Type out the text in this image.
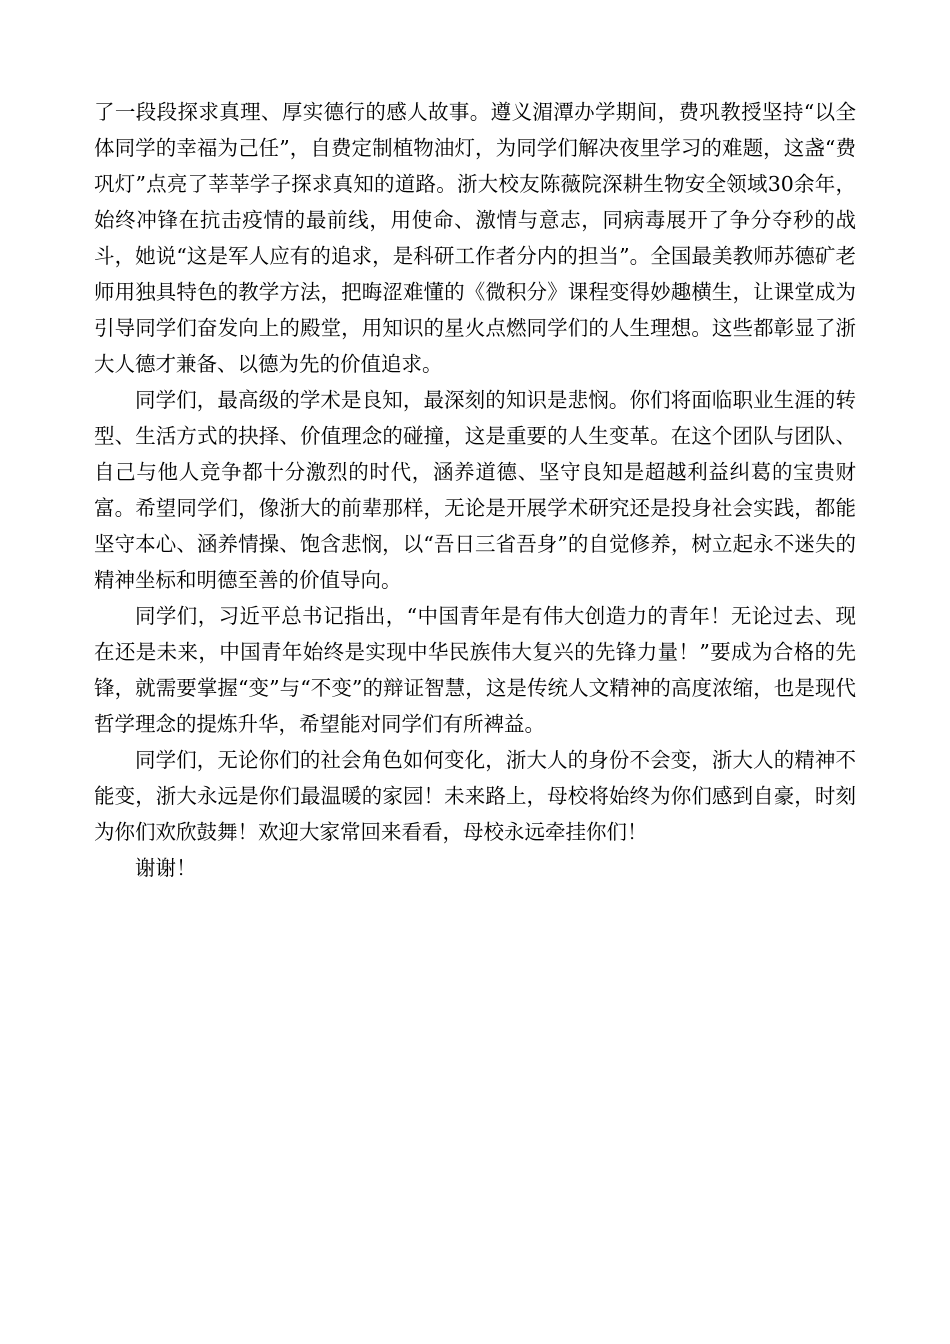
了一段段探求真理、厚实德行的感人故事。遵义湄潭办学期间，费巩教授坚持“以全体同学的幸福为己任”，自费定制植物油灯，为同学们解决夜里学习的难题，这盏“费巩灯”点亮了莘莘学子探求真知的道路。浙大校友陈薇院深耕生物安全领域30余年，始终冲锋在抗击疫情的最前线，用使命、激情与意志，同病毒展开了争分夺秒的战斗，她说“这是军人应有的追求，是科研工作者分内的担当”。全国最美教师苏德矿老师用独具特色的教学方法，把晦涩难懂的《微积分》课程变得妙趣横生，让课堂成为引导同学们奋发向上的殿堂，用知识的星火点燃同学们的人生理想。这些都彰显了浙大人德才兼备、以德为先的价值追求。

同学们，最高级的学术是良知，最深刻的知识是悲悯。你们将面临职业生涯的转型、生活方式的抉择、价值理念的碰撞，这是重要的人生变革。在这个团队与团队、自己与他人竞争都十分激烈的时代，涵养道德、坚守良知是超越利益纠葛的宝贵财富。希望同学们，像浙大的前辈那样，无论是开展学术研究还是投身社会实践，都能坚守本心、涵养情操、饱含悲悯，以“吾日三省吾身”的自觉修养，树立起永不迷失的精神坐标和明德至善的价值导向。

同学们，习近平总书记指出，“中国青年是有伟大创造力的青年！无论过去、现在还是未来，中国青年始终是实现中华民族伟大复兴的先锋力量！”要成为合格的先锋，就需要掌握“变”与“不变”的辩证智慧，这是传统人文精神的高度浓缩，也是现代哲学理念的提炼升华，希望能对同学们有所裨益。

同学们，无论你们的社会角色如何变化，浙大人的身份不会变，浙大人的精神不能变，浙大永远是你们最温暖的家园！未来路上，母校将始终为你们感到自豪，时刻为你们欢欣鼓舞！欢迎大家常回来看看，母校永远牵挂你们！

谢谢！
